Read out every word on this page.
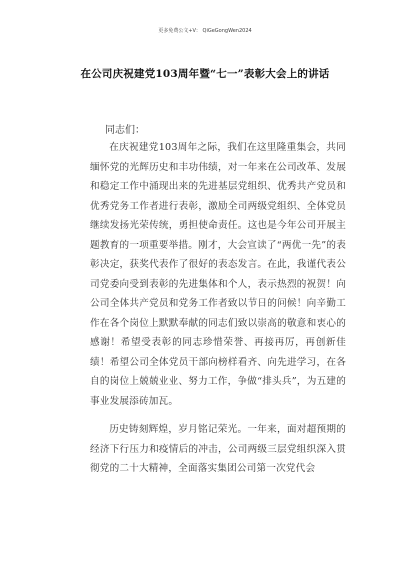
更多免费公文+V： QiGeGongWen2024
在公司庆祝建党103周年暨“七一”表彰大会上的讲话
同志们：

在庆祝建党103周年之际，我们在这里隆重集会，共同缅怀党的光辉历史和丰功伟绩，对一年来在公司改革、发展和稳定工作中涌现出来的先进基层党组织、优秀共产党员和优秀党务工作者进行表彰，激励全司两级党组织、全体党员继续发扬光荣传统，勇担使命责任。这也是今年公司开展主题教育的一项重要举措。刚才，大会宣读了“两优一先”的表彰决定，获奖代表作了很好的表态发言。在此，我谨代表公司党委向受到表彰的先进集体和个人，表示热烈的祝贺！向公司全体共产党员和党务工作者致以节日的问候！向辛勤工作在各个岗位上默默奉献的同志们致以崇高的敬意和衷心的感谢！希望受表彰的同志珍惜荣誉、再接再厉，再创新佳绩！希望公司全体党员干部向榜样看齐、向先进学习，在各自的岗位上兢兢业业、努力工作，争做“排头兵”，为五建的事业发展添砖加瓦。

历史铸刻辉煌，岁月铭记荣光。一年来，面对超预期的经济下行压力和疫情后的冲击，公司两级三层党组织深入贯彻党的二十大精神，全面落实集团公司第一次党代会
